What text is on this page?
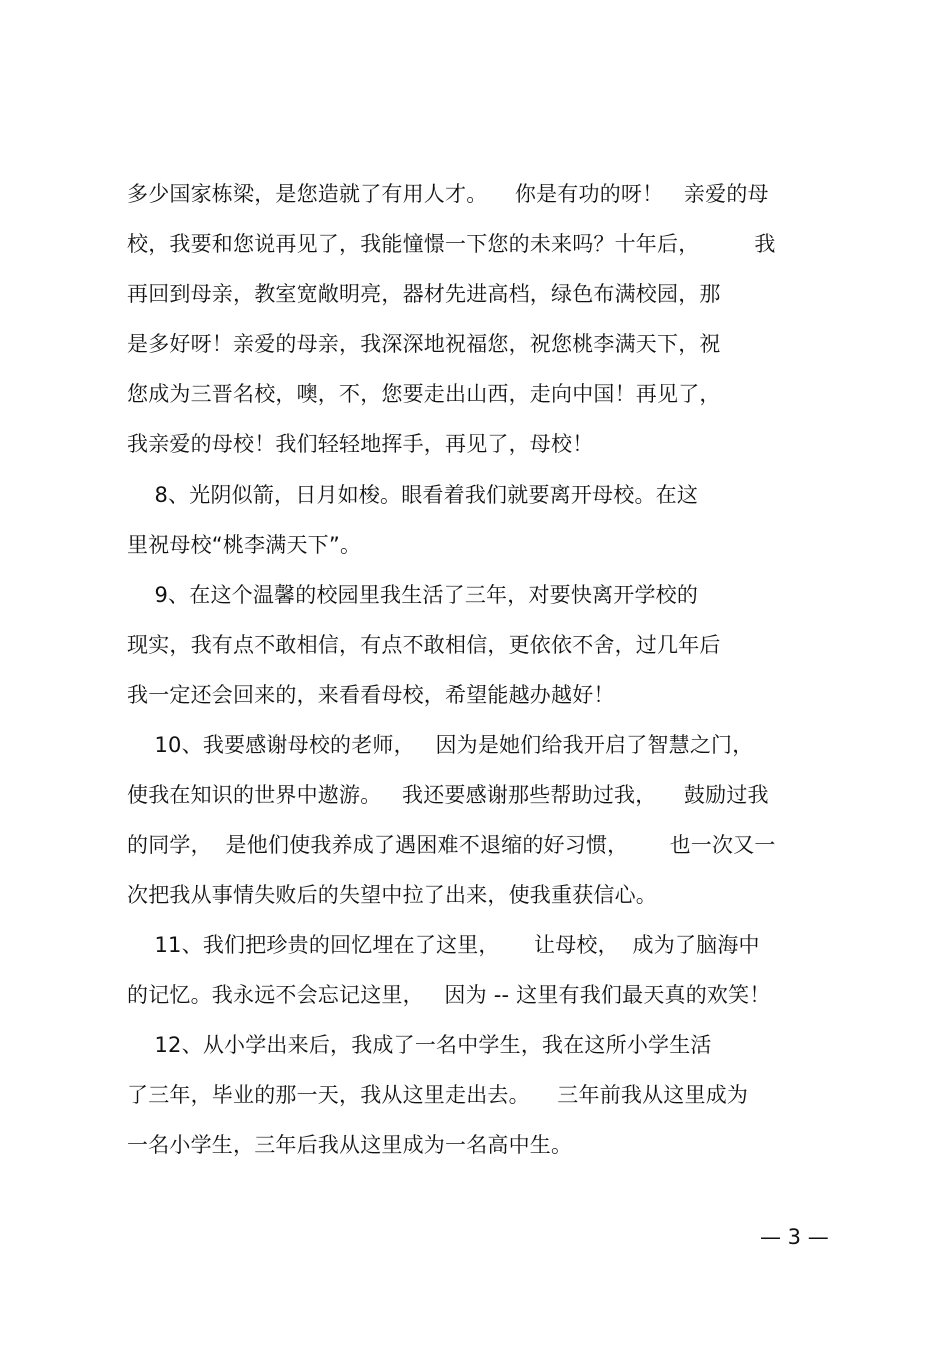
多少国家栋梁，是您造就了有用人才。    你是有功的呀！   亲爱的母
校，我要和您说再见了，我能憧憬一下您的未来吗？十年后，        我
再回到母亲，教室宽敞明亮，器材先进高档，绿色布满校园，那
是多好呀！亲爱的母亲，我深深地祝福您，祝您桃李满天下，祝
您成为三晋名校，噢，不，您要走出山西，走向中国！再见了，
我亲爱的母校！我们轻轻地挥手，再见了，母校！
8、光阴似箭，日月如梭。眼看着我们就要离开母校。在这
里祝母校“桃李满天下”。
9、在这个温馨的校园里我生活了三年，对要快离开学校的
现实，我有点不敢相信，有点不敢相信，更依依不舍，过几年后
我一定还会回来的，来看看母校，希望能越办越好！
10、我要感谢母校的老师，   因为是她们给我开启了智慧之门，
使我在知识的世界中遨游。   我还要感谢那些帮助过我，    鼓励过我
的同学，  是他们使我养成了遇困难不退缩的好习惯，      也一次又一
次把我从事情失败后的失望中拉了出来，使我重获信心。
11、我们把珍贵的回忆埋在了这里，     让母校，  成为了脑海中
的记忆。我永远不会忘记这里，   因为 -- 这里有我们最天真的欢笑！
12、从小学出来后，我成了一名中学生，我在这所小学生活
了三年，毕业的那一天，我从这里走出去。    三年前我从这里成为
一名小学生，三年后我从这里成为一名高中生。
— 3 —
